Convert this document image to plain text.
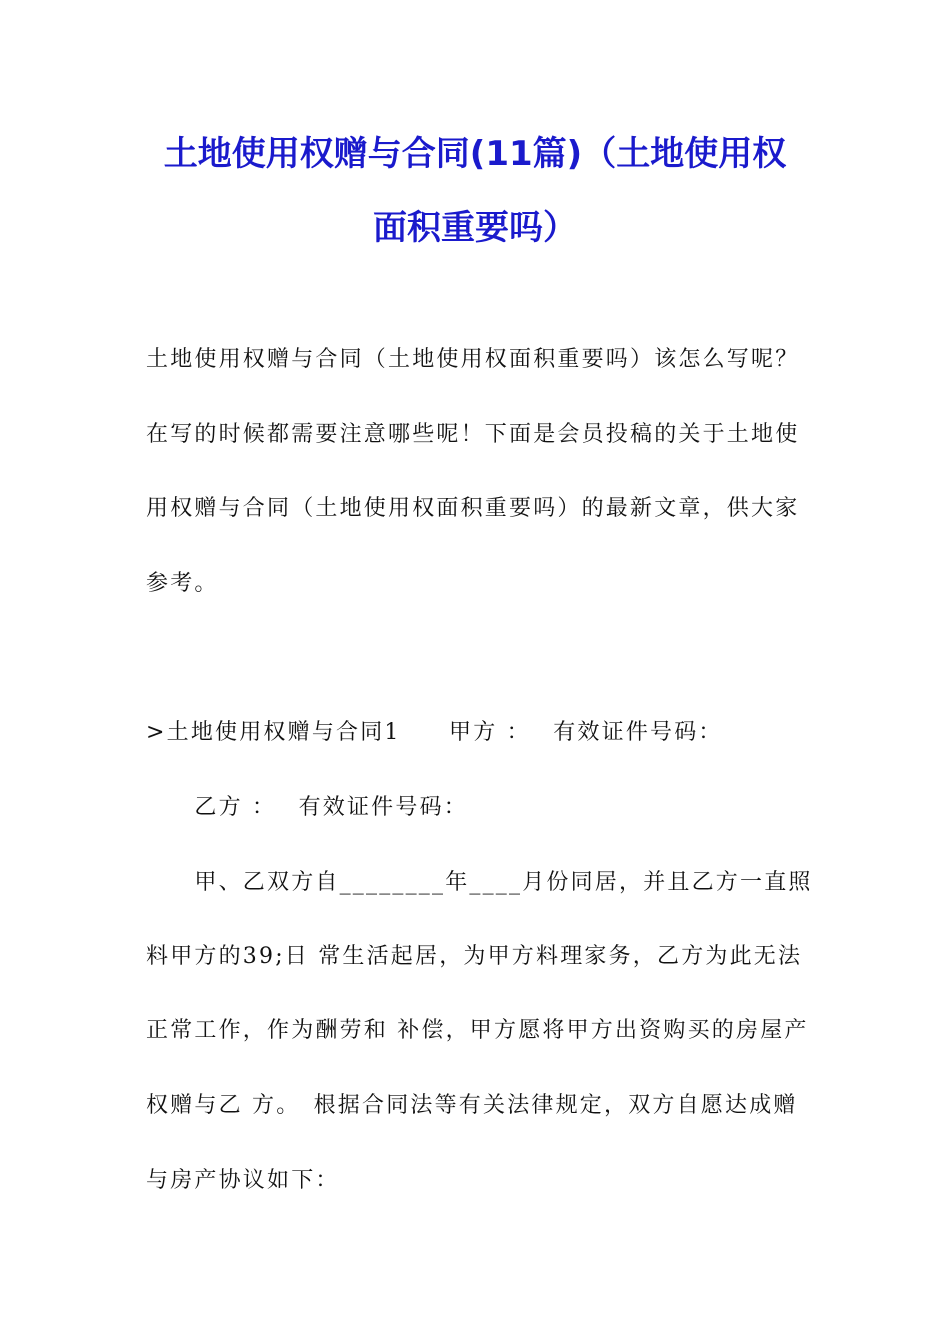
土地使用权赠与合同(11篇)（土地使用权
面积重要吗）
土地使用权赠与合同（土地使用权面积重要吗）该怎么写呢？
在写的时候都需要注意哪些呢！下面是会员投稿的关于土地使
用权赠与合同（土地使用权面积重要吗）的最新文章，供大家
参考。
>土地使用权赠与合同1　　甲方 ：　 有效证件号码：
　　乙方 ：　 有效证件号码：
　　甲、乙双方自________年____月份同居，并且乙方一直照
料甲方的39;日 常生活起居，为甲方料理家务，乙方为此无法
正常工作，作为酬劳和 补偿，甲方愿将甲方出资购买的房屋产
权赠与乙 方。　根据合同法等有关法律规定，双方自愿达成赠
与房产协议如下：
